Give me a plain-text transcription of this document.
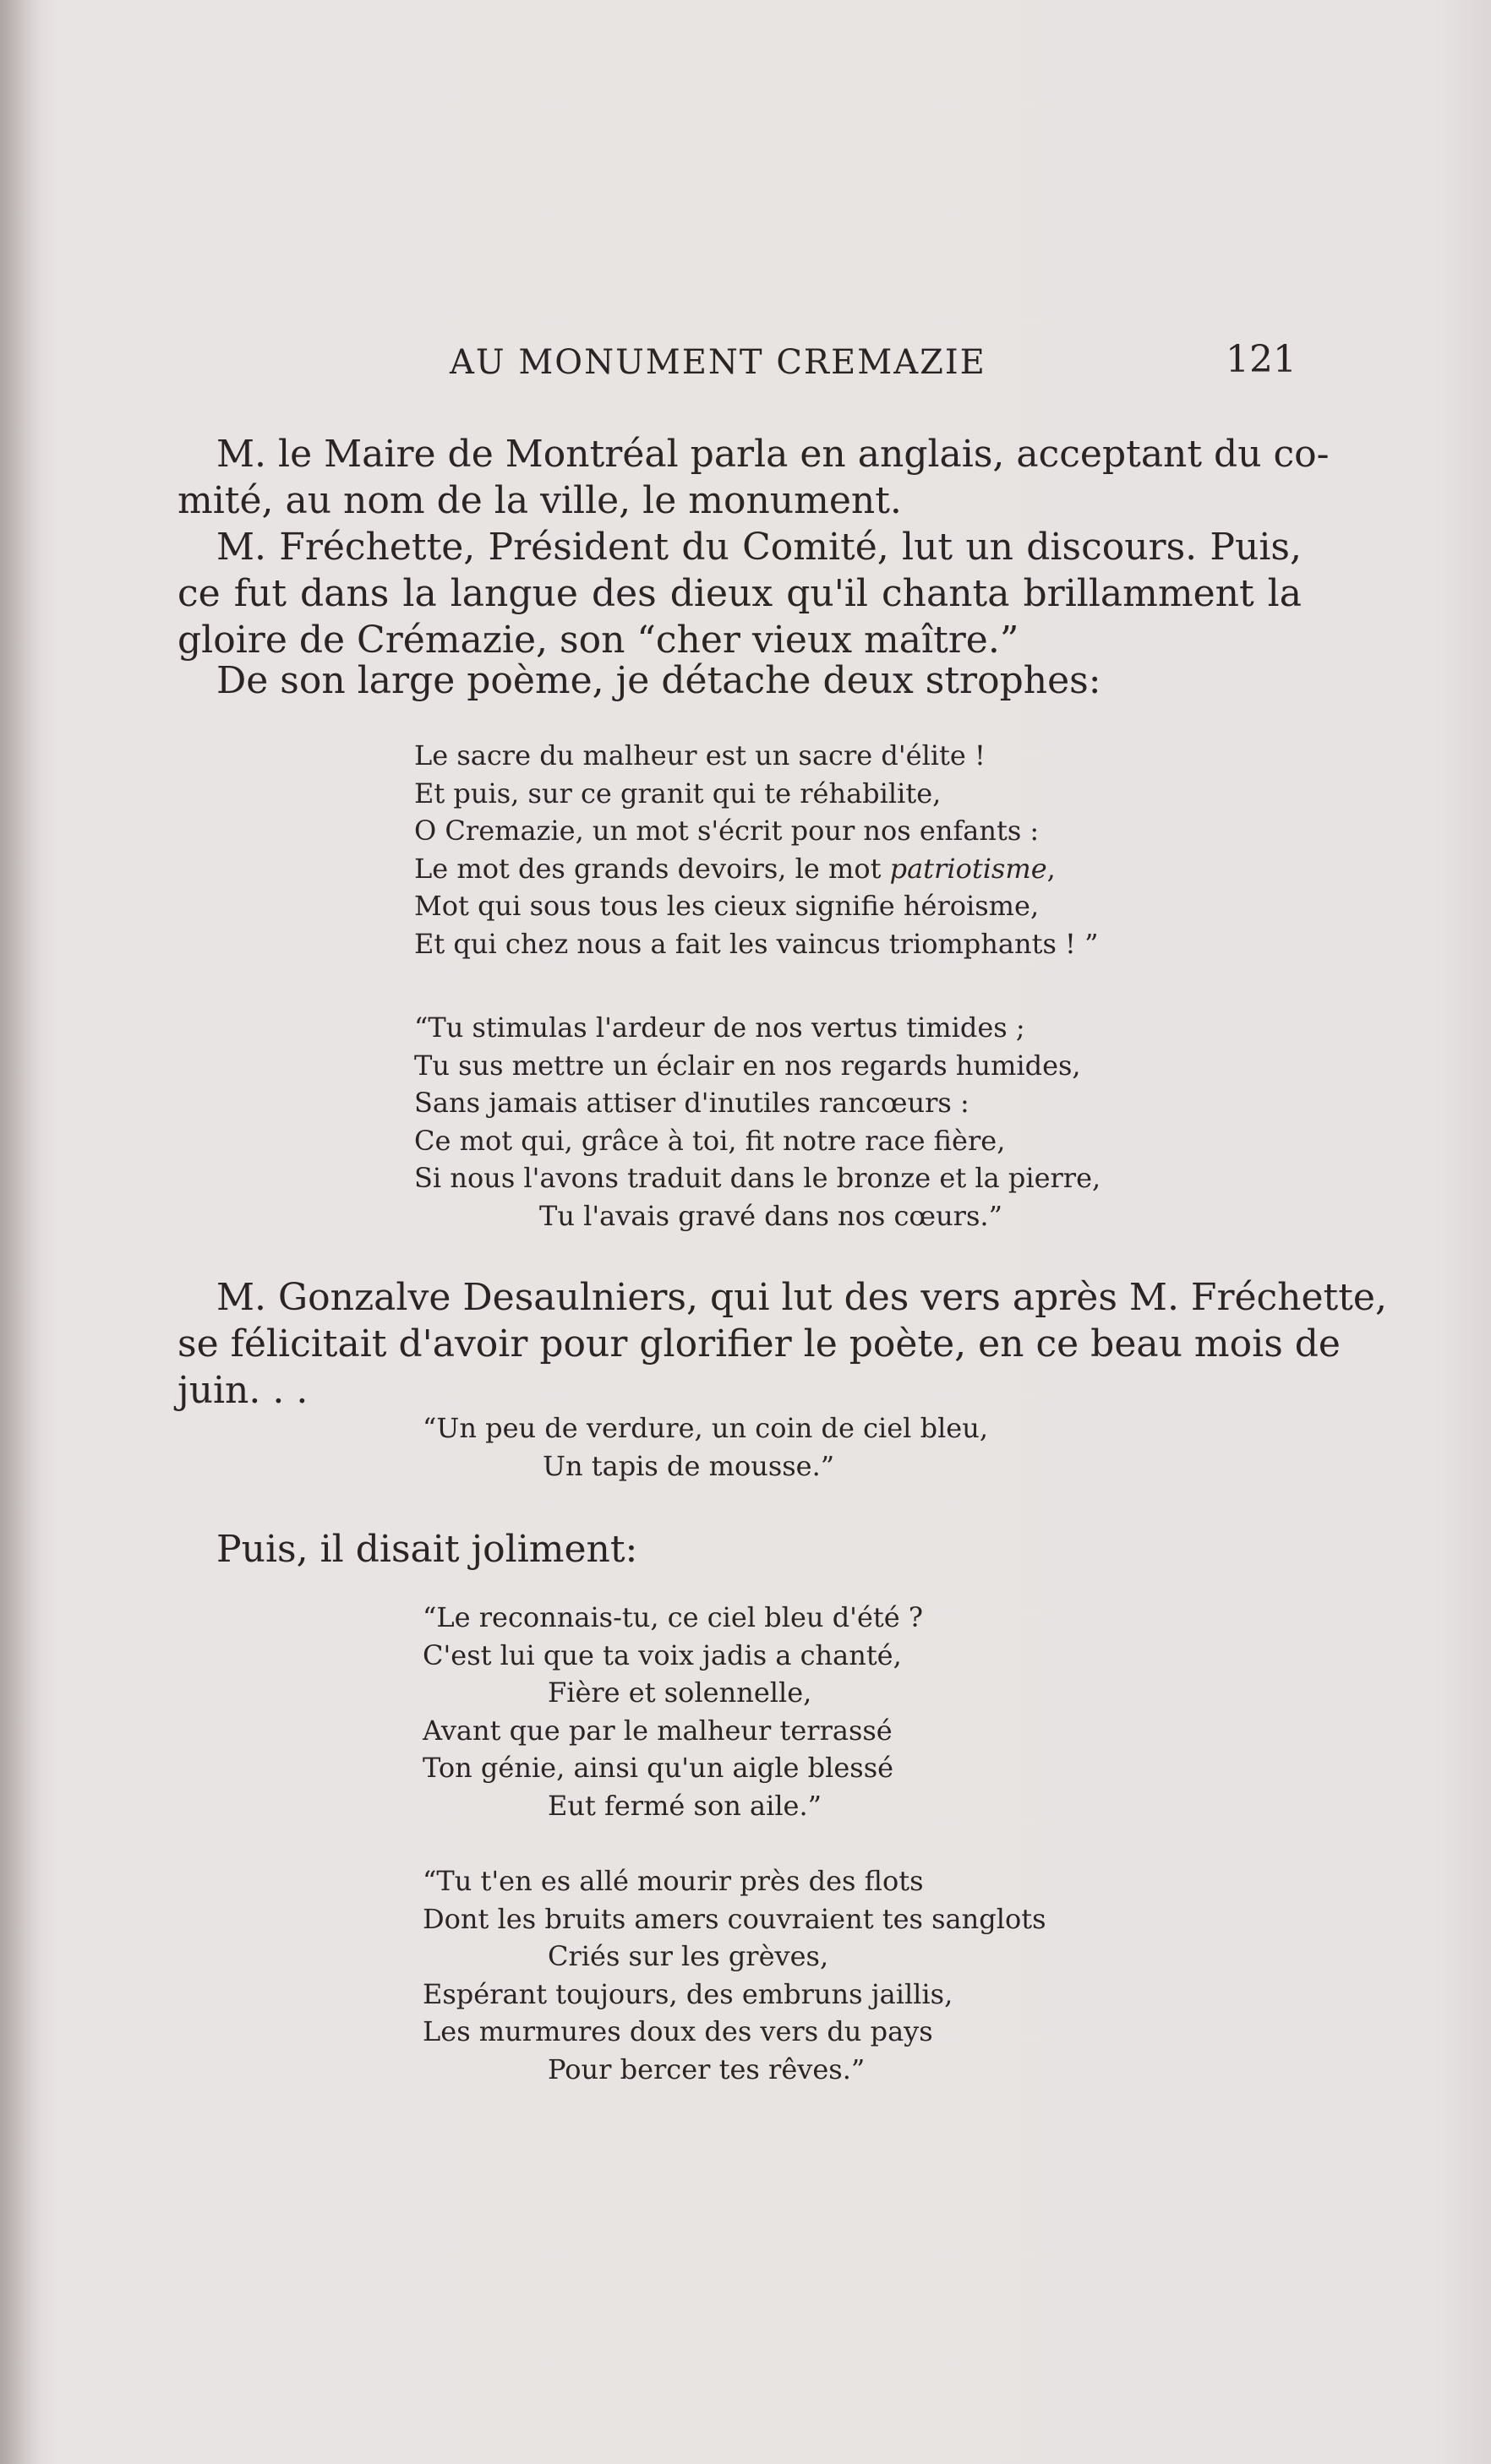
AU MONUMENT CREMAZIE	121

M. le Maire de Montréal parla en anglais, acceptant du co-
mité, au nom de la ville, le monument.

M. Fréchette, Président du Comité, lut un discours. Puis,
ce fut dans la langue des dieux qu'il chanta brillamment la
gloire de Crémazie, son “cher vieux maître.”

De son large poème, je détache deux strophes:

Le sacre du malheur est un sacre d'élite !
Et puis, sur ce granit qui te réhabilite,
O Cremazie, un mot s'écrit pour nos enfants :
Le mot des grands devoirs, le mot patriotisme,
Mot qui sous tous les cieux signifie héroisme,
Et qui chez nous a fait les vaincus triomphants ! ”
“Tu stimulas l'ardeur de nos vertus timides ;
Tu sus mettre un éclair en nos regards humides,
Sans jamais attiser d'inutiles rancœurs :
Ce mot qui, grâce à toi, fit notre race fière,
Si nous l'avons traduit dans le bronze et la pierre,
Tu l'avais gravé dans nos cœurs.”

M. Gonzalve Desaulniers, qui lut des vers après M. Fréchette,
se félicitait d'avoir pour glorifier le poète, en ce beau mois de
juin. . .

“Un peu de verdure, un coin de ciel bleu,
Un tapis de mousse.”

Puis, il disait joliment:

“Le reconnais-tu, ce ciel bleu d'été ?
C'est lui que ta voix jadis a chanté,
Fière et solennelle,
Avant que par le malheur terrassé
Ton génie, ainsi qu'un aigle blessé
Eut fermé son aile.”
“Tu t'en es allé mourir près des flots
Dont les bruits amers couvraient tes sanglots
Criés sur les grèves,
Espérant toujours, des embruns jaillis,
Les murmures doux des vers du pays
Pour bercer tes rêves.”
